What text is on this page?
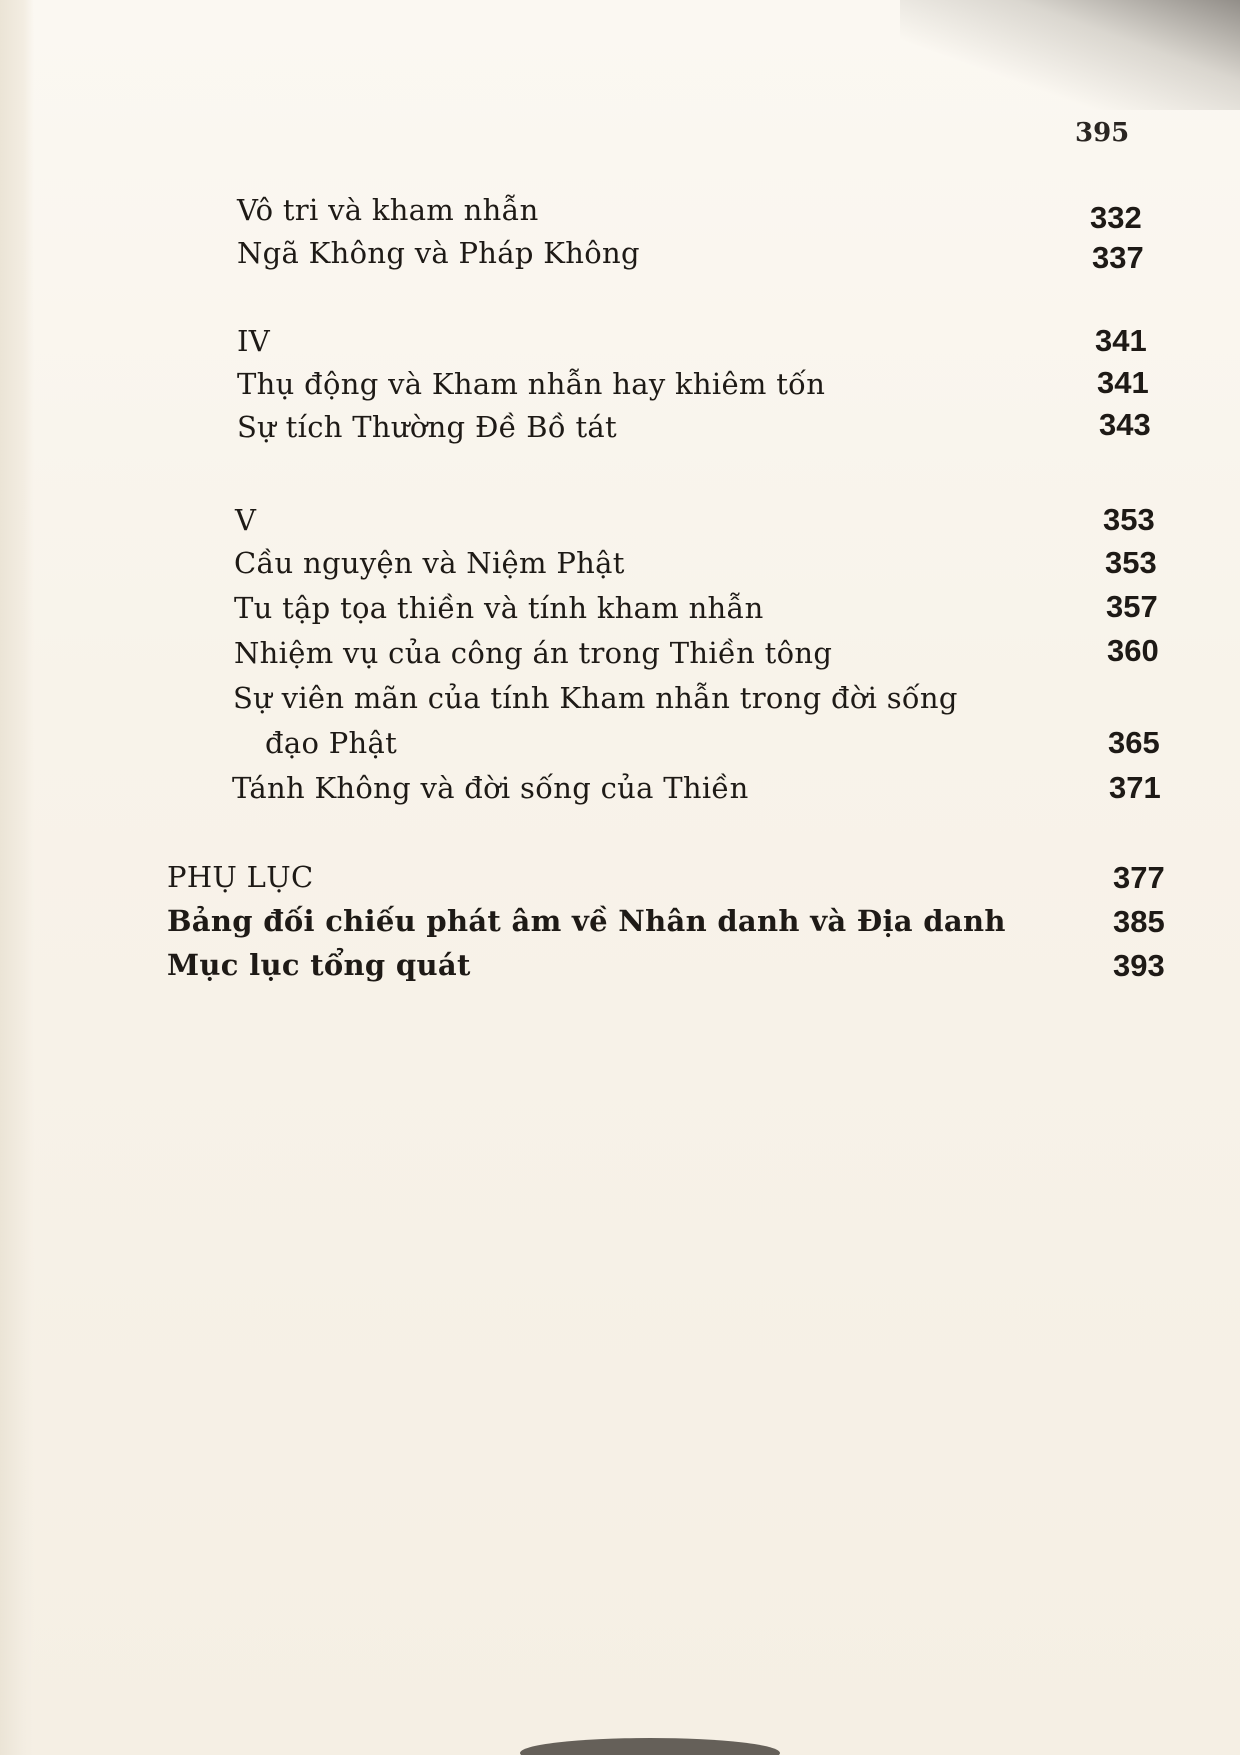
395
Vô tri và kham nhẫn	332
Ngã Không và Pháp Không	337
IV	341
Thụ động và Kham nhẫn hay khiêm tốn	341
Sự tích Thường Đề Bồ tát	343
V	353
Cầu nguyện và Niệm Phật	353
Tu tập tọa thiền và tính kham nhẫn	357
Nhiệm vụ của công án trong Thiền tông	360
Sự viên mãn của tính Kham nhẫn trong đời sống
đạo Phật	365
Tánh Không và đời sống của Thiền	371
PHỤ LỤC	377
Bảng đối chiếu phát âm về Nhân danh và Địa danh	385
Mục lục tổng quát	393
